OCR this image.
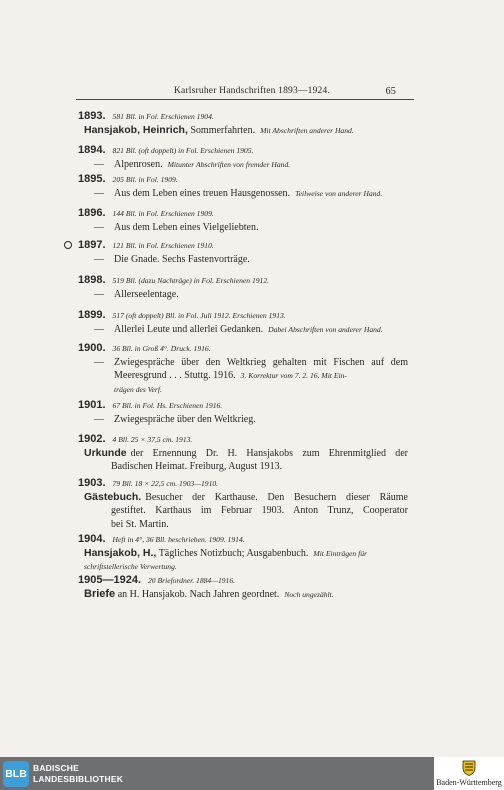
Karlsruher Handschriften 1893—1924.	65
1893. 581 Bll. in Fol. Erschienen 1904.
Hansjakob, Heinrich, Sommerfahrten. Mit Abschriften anderer Hand.
1894. 821 Bll. (oft doppelt) in Fol. Erschienen 1905.
— Alpenrosen. Mitunter Abschriften von fremder Hand.
1895. 205 Bll. in Fol. 1909.
— Aus dem Leben eines treuen Hausgenossen. Teilweise von anderer Hand.
1896. 144 Bll. in Fol. Erschienen 1909.
— Aus dem Leben eines Vielgeliebten.
1897. 121 Bll. in Fol. Erschienen 1910.
— Die Gnade. Sechs Fastenvorträge.
1898. 519 Bll. (dazu Nachträge) in Fol. Erschienen 1912.
— Allerseelentage.
1899. 517 (oft doppelt) Bll. in Fol. Juli 1912. Erschienen 1913.
— Allerlei Leute und allerlei Gedanken. Dabei Abschriften von anderer Hand.
1900. 36 Bll. in Groß 4°. Druck. 1916.
— Zwiegespräche über den Weltkrieg gehalten mit Fischen auf dem
Meeresgrund . . . Stuttg. 1916. 3. Korrektur vom 7. 2. 16. Mit Ein-
trägen des Verf.
1901. 67 Bll. in Fol. Hs. Erschienen 1916.
— Zwiegespräche über den Weltkrieg.
1902. 4 Bll. 25 × 37,5 cm. 1913.
Urkunde der Ernennung Dr. H. Hansjakobs zum Ehrenmitglied der
Badischen Heimat. Freiburg, August 1913.
1903. 79 Bll. 18 × 22,5 cm. 1903—1910.
Gästebuch. Besucher der Karthause. Den Besuchern dieser Räume
gestiftet. Karthaus im Februar 1903. Anton Trunz, Cooperator
bei St. Martin.
1904. Heft in 4°, 36 Bll. beschrieben. 1909. 1914.
Hansjakob, H., Tägliches Notizbuch; Ausgabenbuch. Mit Einträgen für
schriftstellerische Verwertung.
1905—1924. 20 Briefordner. 1884—1916.
Briefe an H. Hansjakob. Nach Jahren geordnet. Noch ungezählt.
BLB BADISCHE
LANDESBIBLIOTHEK	Baden-Württemberg
